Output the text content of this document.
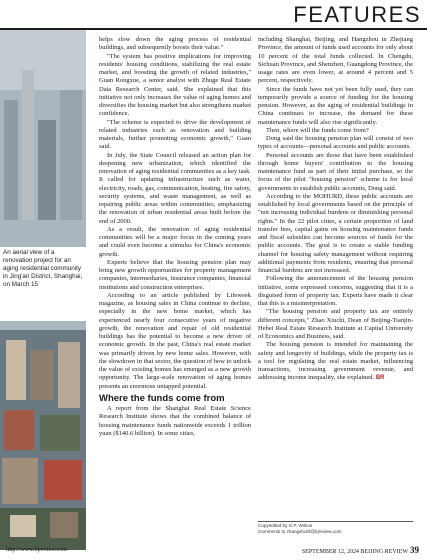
FEATURES
An aerial view of a renovation project for an aging residential community in Jing'an District, Shanghai, on March 15

helps slow down the aging process of residential buildings, and subsequently boosts their value."

"The system has positive implications for improving residents' housing conditions, stabilizing the real estate market, and boosting the growth of related industries," Guan Rongxue, a senior analyst with Zhuge Real Estate Data Research Center, said. She explained that this initiative not only increases the value of aging homes and diversifies the housing market but also strengthens market confidence.

"The scheme is expected to drive the development of related industries such as renovation and building materials, further promoting economic growth," Guan said.

In July, the State Council released an action plan for deepening new urbanization, which identified the renovation of aging residential communities as a key task. It called for updating infrastructure such as water, electricity, roads, gas, communication, heating, fire safety, security systems, and waste management, as well as repairing public areas within communities, emphasizing the renovation of urban residential areas built before the end of 2000.

As a result, the renovation of aging residential communities will be a major focus in the coming years and could even become a stimulus for China's economic growth.

Experts believe that the housing pension plan may bring new growth opportunities for property management companies, intermediaries, insurance companies, financial institutions and construction enterprises.

According to an article published by Lifeweek magazine, as housing sales in China continue to decline, especially in the new home market, which has experienced nearly four consecutive years of negative growth, the renovation and repair of old residential buildings has the potential to become a new driver of economic growth. In the past, China's real estate market was primarily driven by new home sales. However, with the slowdown in that sector, the question of how to unlock the value of existing homes has emerged as a new growth opportunity. The large-scale renovation of aging homes presents an enormous untapped potential.

Where the funds come from

A report from the Shanghai Real Estate Science Research Institute shows that the combined balance of housing maintenance funds nationwide exceeds 1 trillion yuan ($140.6 billion). In some cities,

including Shanghai, Beijing, and Hangzhou in Zhejiang Province, the amount of funds used accounts for only about 10 percent of the total funds collected. In Chengdu, Sichuan Province, and Shenzhen, Guangdong Province, the usage rates are even lower, at around 4 percent and 5 percent, respectively.

Since the funds have not yet been fully used, they can temporarily provide a source of funding for the housing pension. However, as the aging of residential buildings in China continues to increase, the demand for these maintenance funds will also rise significantly.

Then, where will the funds come from?

Dong said the housing pension plan will consist of two types of accounts—personal accounts and public accounts.

Personal accounts are those that have been established through home buyers' contribution to the housing maintenance fund as part of their initial purchase, so the focus of the pilot "housing pension" scheme is for local governments to establish public accounts, Dong said.

According to the MOHURD, these public accounts are established by local governments based on the principle of "not increasing individual burdens or diminishing personal rights." In the 22 pilot cities, a certain proportion of land transfer fees, capital gains on housing maintenance funds and fiscal subsidies can become sources of funds for the public accounts. The goal is to create a stable funding channel for housing safety management without requiring additional payments from residents, ensuring that personal financial burdens are not increased.

Following the announcement of the housing pension initiative, some expressed concerns, suggesting that it is a disguised form of property tax. Experts have made it clear that this is a misinterpretation.

"The housing pension and property tax are entirely different concepts," Zhao Xiuchi, Dean of Beijing-Tianjin-Hebei Real Estate Research Institute at Capital University of Economics and Business, said.

The housing pension is intended for maintaining the safety and longevity of buildings, while the property tax is a tool for regulating the real estate market, influencing transactions, increasing government revenue, and addressing income inequality, she explained. BR

Copyedited by G.P. Wilson
Comments to zhangshuhf@bjreview.com
http://www.bjreview.com	SEPTEMBER 12, 2024 BEIJING REVIEW 39
